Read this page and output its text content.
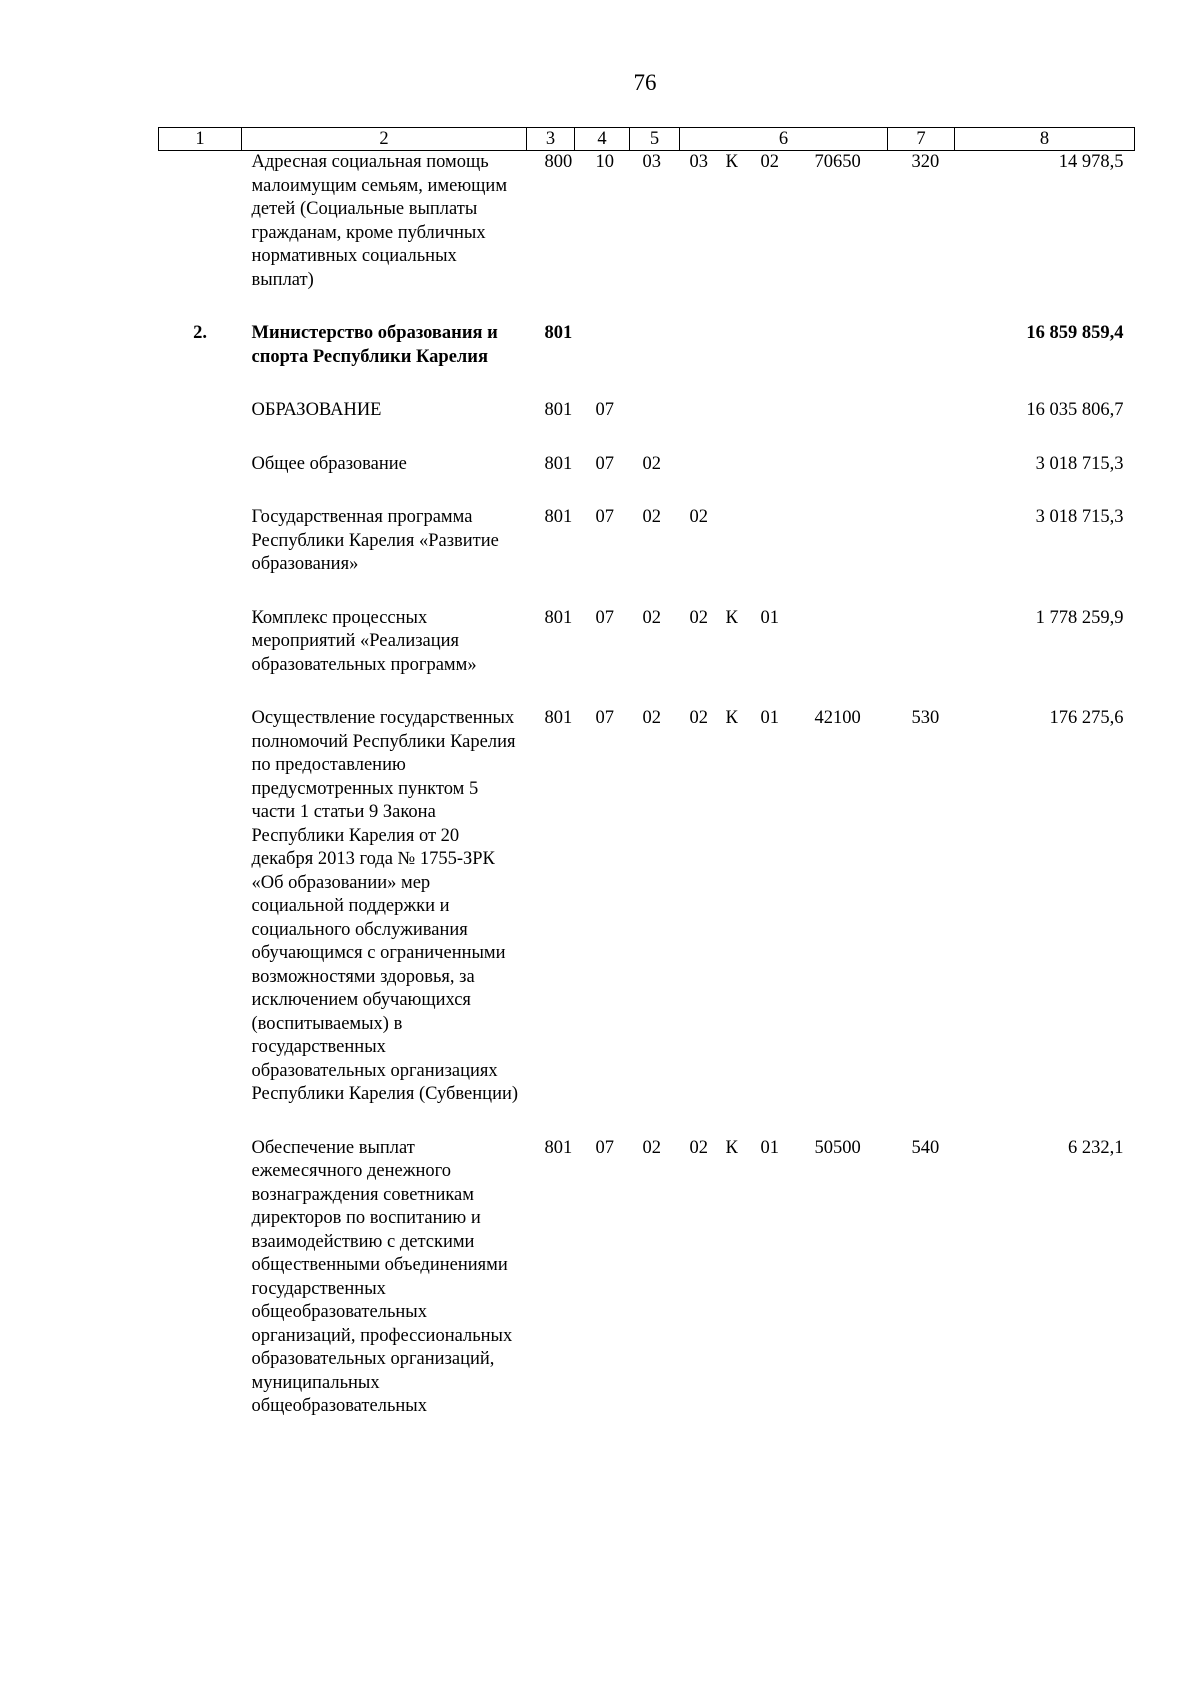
76
1	2	3	4	5	6				7	8
	Адресная социальная помощь малоимущим семьям, имеющим детей (Социальные выплаты гражданам, кроме публичных нормативных социальных выплат)	800	10	03	03	К	02	70650	320	14 978,5

2.	Министерство образования и спорта Республики Карелия	801								16 859 859,4

	ОБРАЗОВАНИЕ	801	07							16 035 806,7

	Общее образование	801	07	02						3 018 715,3

	Государственная программа Республики Карелия «Развитие образования»	801	07	02	02					3 018 715,3

	Комплекс процессных мероприятий «Реализация образовательных программ»	801	07	02	02	К	01			1 778 259,9

	Осуществление государственных полномочий Республики Карелия по предоставлению предусмотренных пунктом 5 части 1 статьи 9 Закона Республики Карелия от 20 декабря 2013 года № 1755-ЗРК «Об образовании» мер социальной поддержки и социального обслуживания обучающимся с ограниченными возможностями здоровья, за исключением обучающихся (воспитываемых) в государственных образовательных организациях Республики Карелия (Субвенции)	801	07	02	02	К	01	42100	530	176 275,6

	Обеспечение выплат ежемесячного денежного вознаграждения советникам директоров по воспитанию и взаимодействию с детскими общественными объединениями государственных общеобразовательных организаций, профессиональных образовательных организаций, муниципальных общеобразовательных	801	07	02	02	К	01	50500	540	6 232,1
